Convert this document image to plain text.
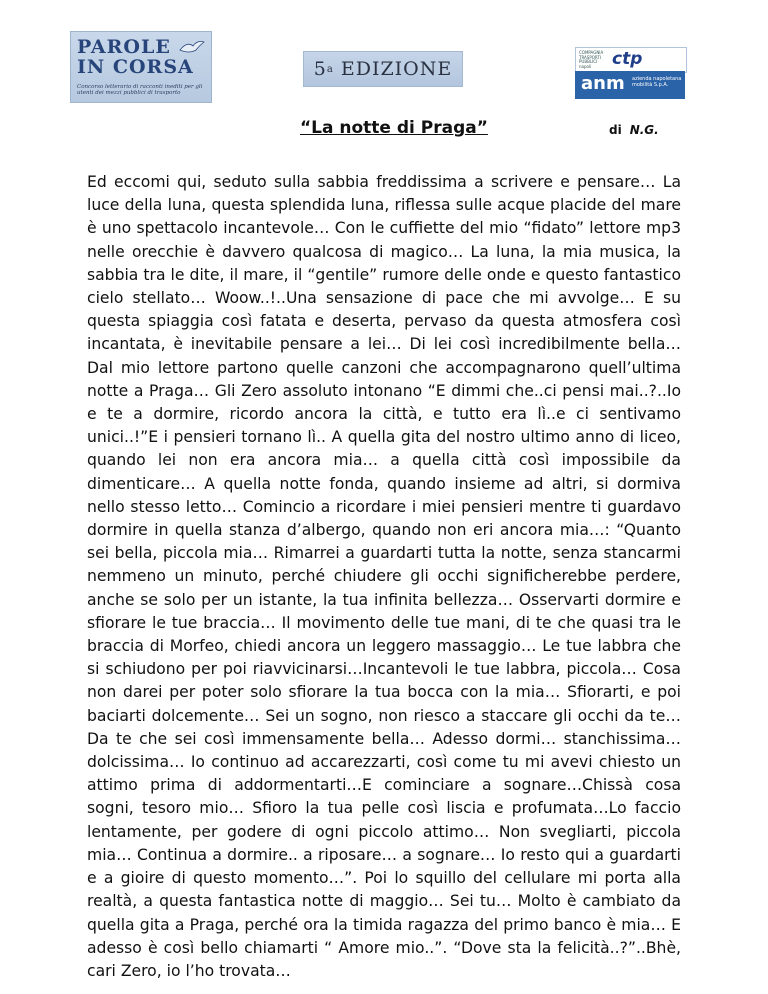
PAROLE
IN CORSA
Concorso letterario di racconti inediti per gli utenti dei mezzi pubblici di trasporto
5 a
EDIZIONE
COMPAGNIA TRASPORTI PUBBLICI napoli	ctp
anm azienda napoletana mobilità S.p.A.
“La notte di Praga”	di N.G.

Ed eccomi qui, seduto sulla sabbia freddissima a scrivere e pensare… La luce della luna, questa splendida luna, riflessa sulle acque placide del mare è uno spettacolo incantevole… Con le cuffiette del mio “fidato” lettore mp3 nelle orecchie è davvero qualcosa di magico… La luna, la mia musica, la sabbia tra le dite, il mare, il “gentile” rumore delle onde e questo fantastico cielo stellato… Woow..!..Una sensazione di pace che mi avvolge… E su questa spiaggia così fatata e deserta, pervaso da questa atmosfera così incantata, è inevitabile pensare a lei… Di lei così incredibilmente bella… Dal mio lettore partono quelle canzoni che accompagnarono quell’ultima notte a Praga… Gli Zero assoluto intonano “E dimmi che..ci pensi mai..?..Io e te a dormire, ricordo ancora la città, e tutto era lì..e ci sentivamo unici..!”E i pensieri tornano lì.. A quella gita del nostro ultimo anno di liceo, quando lei non era ancora mia… a quella città così impossibile da dimenticare… A quella notte fonda, quando insieme ad altri, si dormiva nello stesso letto… Comincio a ricordare i miei pensieri mentre ti guardavo dormire in quella stanza d’albergo, quando non eri ancora mia…: “Quanto sei bella, piccola mia… Rimarrei a guardarti tutta la notte, senza stancarmi nemmeno un minuto, perché chiudere gli occhi significherebbe perdere, anche se solo per un istante, la tua infinita bellezza… Osservarti dormire e sfiorare le tue braccia… Il movimento delle tue mani, di te che quasi tra le braccia di Morfeo, chiedi ancora un leggero massaggio… Le tue labbra che si schiudono per poi riavvicinarsi…Incantevoli le tue labbra, piccola… Cosa non darei per poter solo sfiorare la tua bocca con la mia… Sfiorarti, e poi baciarti dolcemente… Sei un sogno, non riesco a staccare gli occhi da te…Da te che sei così immensamente bella… Adesso dormi… stanchissima… dolcissima… Io continuo ad accarezzarti, così come tu mi avevi chiesto un attimo prima di addormentarti…E cominciare a sognare…Chissà cosa sogni, tesoro mio… Sfioro la tua pelle così liscia e profumata…Lo faccio lentamente, per godere di ogni piccolo attimo… Non svegliarti, piccola mia… Continua a dormire.. a riposare… a sognare… Io resto qui a guardarti e a gioire di questo momento…”. Poi lo squillo del cellulare mi porta alla realtà, a questa fantastica notte di maggio… Sei tu… Molto è cambiato da quella gita a Praga, perché ora la timida ragazza del primo banco è mia… E adesso è così bello chiamarti “ Amore mio..”. “Dove sta la felicità..?”..Bhè, cari Zero, io l’ho trovata…
